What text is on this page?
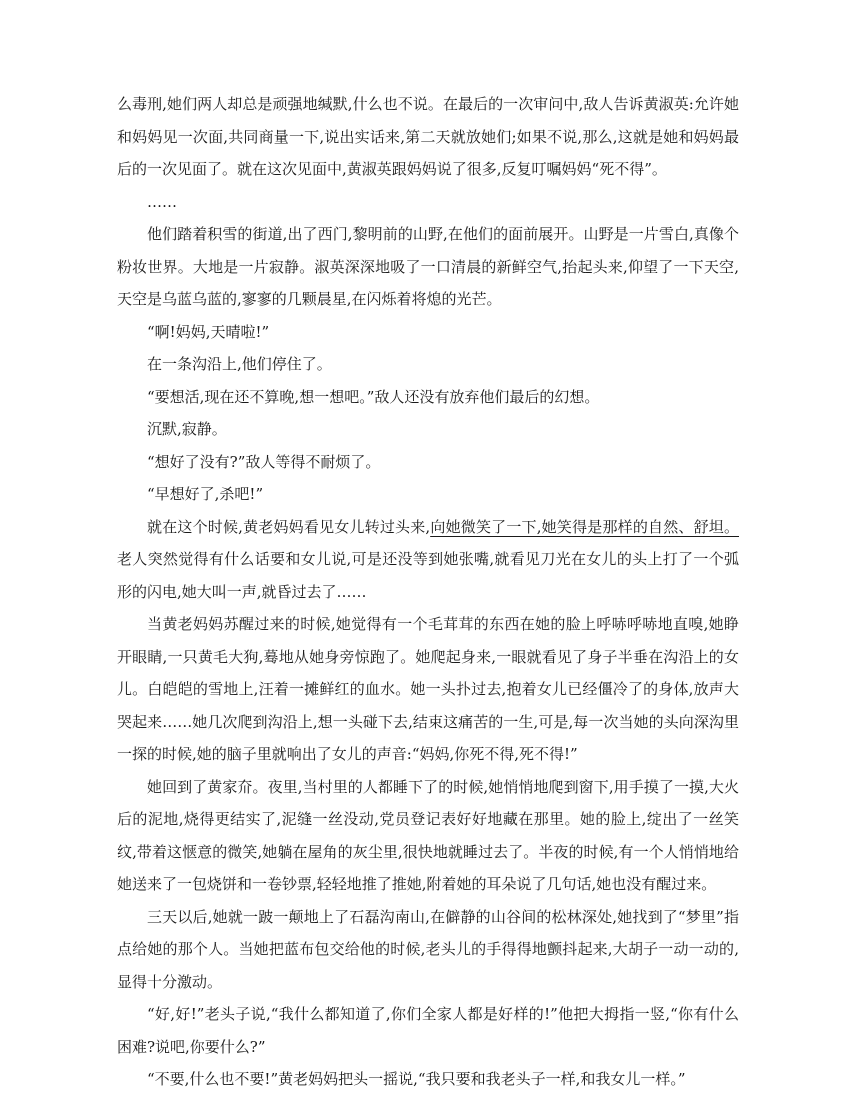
么毒刑,她们两人却总是顽强地缄默,什么也不说。在最后的一次审问中,敌人告诉黄淑英:允许她和妈妈见一次面,共同商量一下,说出实话来,第二天就放她们;如果不说,那么,这就是她和妈妈最后的一次见面了。就在这次见面中,黄淑英跟妈妈说了很多,反复叮嘱妈妈“死不得”。

……

他们踏着积雪的街道,出了西门,黎明前的山野,在他们的面前展开。山野是一片雪白,真像个粉妆世界。大地是一片寂静。淑英深深地吸了一口清晨的新鲜空气,抬起头来,仰望了一下天空,天空是乌蓝乌蓝的,寥寥的几颗晨星,在闪烁着将熄的光芒。

“啊!妈妈,天晴啦!”

在一条沟沿上,他们停住了。

“要想活,现在还不算晚,想一想吧。”敌人还没有放弃他们最后的幻想。

沉默,寂静。

“想好了没有?”敌人等得不耐烦了。

“早想好了,杀吧!”

就在这个时候,黄老妈妈看见女儿转过头来,向她微笑了一下,她笑得是那样的自然、舒坦。老人突然觉得有什么话要和女儿说,可是还没等到她张嘴,就看见刀光在女儿的头上打了一个弧形的闪电,她大叫一声,就昏过去了……

当黄老妈妈苏醒过来的时候,她觉得有一个毛茸茸的东西在她的脸上呼哧呼哧地直嗅,她睁开眼睛,一只黄毛大狗,蓦地从她身旁惊跑了。她爬起身来,一眼就看见了身子半垂在沟沿上的女儿。白皑皑的雪地上,汪着一摊鲜红的血水。她一头扑过去,抱着女儿已经僵冷了的身体,放声大哭起来……她几次爬到沟沿上,想一头碰下去,结束这痛苦的一生,可是,每一次当她的头向深沟里一探的时候,她的脑子里就响出了女儿的声音:“妈妈,你死不得,死不得!”

她回到了黄家夼。夜里,当村里的人都睡下了的时候,她悄悄地爬到窗下,用手摸了一摸,大火后的泥地,烧得更结实了,泥缝一丝没动,党员登记表好好地藏在那里。她的脸上,绽出了一丝笑纹,带着这惬意的微笑,她躺在屋角的灰尘里,很快地就睡过去了。半夜的时候,有一个人悄悄地给她送来了一包烧饼和一卷钞票,轻轻地推了推她,附着她的耳朵说了几句话,她也没有醒过来。

三天以后,她就一跛一颠地上了石磊沟南山,在僻静的山谷间的松林深处,她找到了“梦里”指点给她的那个人。当她把蓝布包交给他的时候,老头儿的手得得地颤抖起来,大胡子一动一动的,显得十分激动。

“好,好!”老头子说,“我什么都知道了,你们全家人都是好样的!”他把大拇指一竖,“你有什么困难?说吧,你要什么?”

“不要,什么也不要!”黄老妈妈把头一摇说,“我只要和我老头子一样,和我女儿一样。”
